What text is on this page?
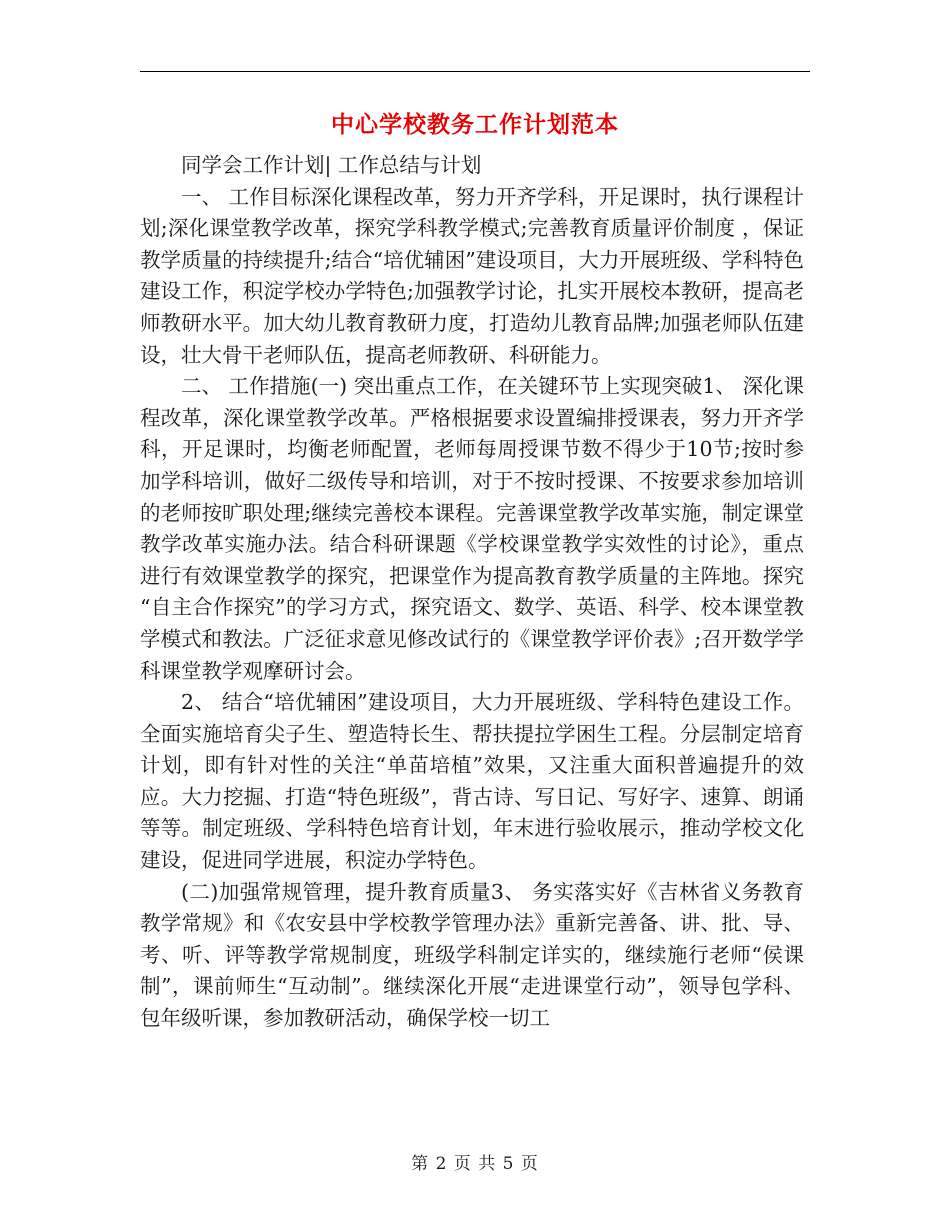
中心学校教务工作计划范本

同学会工作计划| 工作总结与计划

一、 工作目标深化课程改革，努力开齐学科，开足课时，执行课程计划;深化课堂教学改革，探究学科教学模式;完善教育质量评价制度 ，保证教学质量的持续提升;结合“培优辅困”建设项目，大力开展班级、学科特色建设工作，积淀学校办学特色;加强教学讨论，扎实开展校本教研，提高老师教研水平。加大幼儿教育教研力度，打造幼儿教育品牌;加强老师队伍建设，壮大骨干老师队伍，提高老师教研、科研能力。

二、 工作措施(一) 突出重点工作，在关键环节上实现突破1、 深化课程改革，深化课堂教学改革。严格根据要求设置编排授课表，努力开齐学科，开足课时，均衡老师配置，老师每周授课节数不得少于10节;按时参加学科培训，做好二级传导和培训，对于不按时授课、不按要求参加培训的老师按旷职处理;继续完善校本课程。完善课堂教学改革实施，制定课堂教学改革实施办法。结合科研课题《学校课堂教学实效性的讨论》，重点进行有效课堂教学的探究，把课堂作为提高教育教学质量的主阵地。探究 “自主合作探究”的学习方式，探究语文、数学、英语、科学、校本课堂教学模式和教法。广泛征求意见修改试行的《课堂教学评价表》;召开数学学科课堂教学观摩研讨会。

2、 结合“培优辅困”建设项目，大力开展班级、学科特色建设工作。全面实施培育尖子生、塑造特长生、帮扶提拉学困生工程。分层制定培育计划，即有针对性的关注“单苗培植”效果，又注重大面积普遍提升的效应。大力挖掘、打造“特色班级”，背古诗、写日记、写好字、速算、朗诵等等。制定班级、学科特色培育计划，年末进行验收展示，推动学校文化建设，促进同学进展，积淀办学特色。

(二)加强常规管理，提升教育质量3、 务实落实好《吉林省义务教育教学常规》和《农安县中学校教学管理办法》重新完善备、讲、批、导、考、听、评等教学常规制度，班级学科制定详实的，继续施行老师“侯课制”，课前师生“互动制”。继续深化开展“走进课堂行动”，领导包学科、包年级听课，参加教研活动，确保学校一切工

第 2 页 共 5 页
